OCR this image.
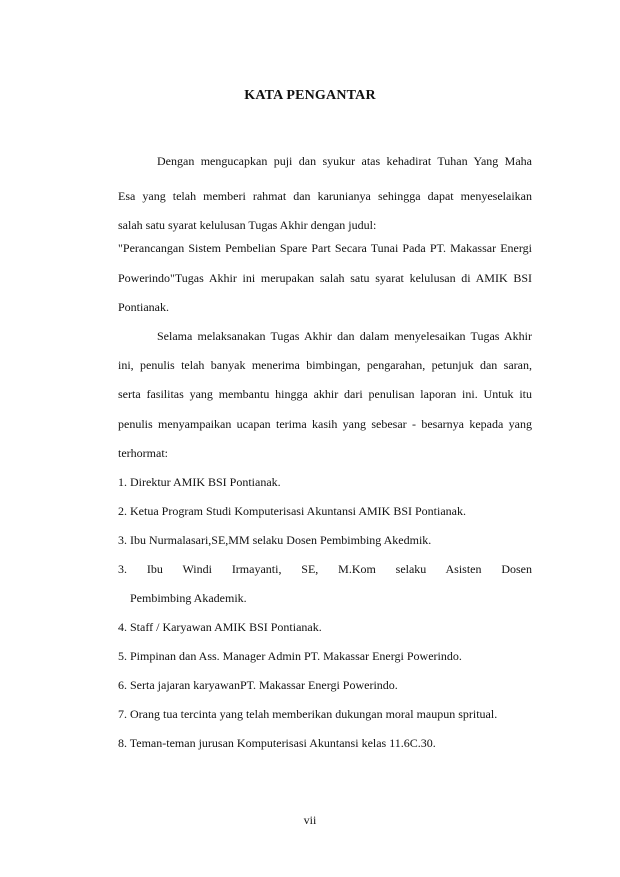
KATA PENGANTAR
Dengan mengucapkan puji dan syukur atas kehadirat Tuhan Yang Maha
Esa yang telah memberi rahmat dan karunianya sehingga dapat menyeselaikan
salah satu syarat kelulusan Tugas Akhir dengan judul:
"Perancangan Sistem Pembelian Spare Part Secara Tunai Pada PT. Makassar Energi
Powerindo"Tugas Akhir ini merupakan salah satu syarat kelulusan di AMIK BSI
Pontianak.
Selama melaksanakan Tugas Akhir dan dalam menyelesaikan Tugas Akhir
ini, penulis telah banyak menerima bimbingan, pengarahan, petunjuk dan saran,
serta fasilitas yang membantu hingga akhir dari penulisan laporan ini. Untuk itu
penulis menyampaikan ucapan terima kasih yang sebesar - besarnya kepada yang
terhormat:
1. Direktur AMIK BSI Pontianak.
2. Ketua Program Studi Komputerisasi Akuntansi AMIK BSI Pontianak.
3. Ibu Nurmalasari,SE,MM selaku Dosen Pembimbing Akedmik.
3. Ibu Windi Irmayanti, SE, M.Kom selaku Asisten Dosen
Pembimbing Akademik.
4. Staff / Karyawan AMIK BSI Pontianak.
5. Pimpinan dan Ass. Manager Admin PT. Makassar Energi Powerindo.
6. Serta jajaran karyawanPT. Makassar Energi Powerindo.
7. Orang tua tercinta yang telah memberikan dukungan moral maupun spritual.
8. Teman-teman jurusan Komputerisasi Akuntansi kelas 11.6C.30.
vii
